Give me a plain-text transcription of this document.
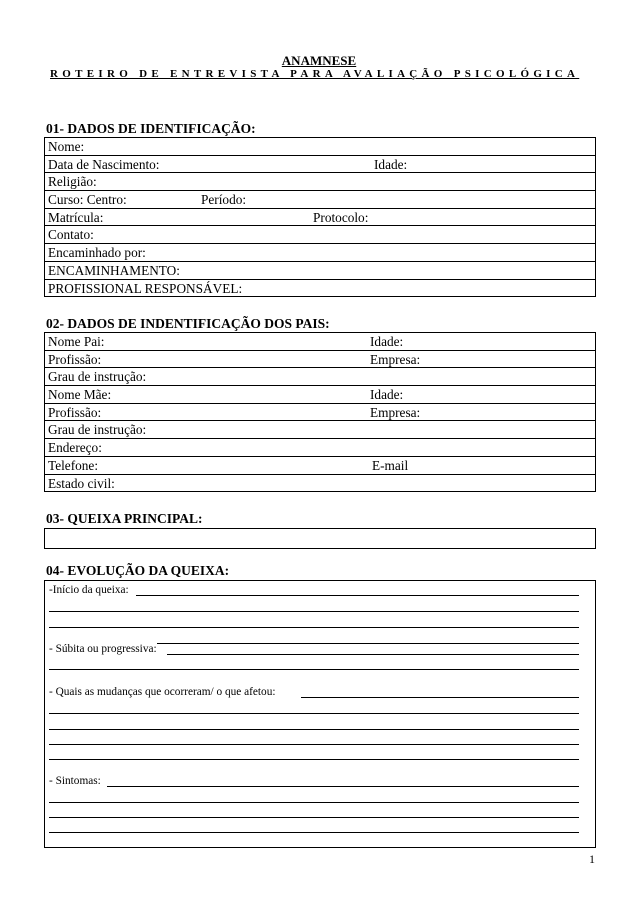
ANAMNESE
ROTEIRO DE ENTREVISTA PARA AVALIAÇÃO PSICOLÓGICA
01- DADOS DE IDENTIFICAÇÃO:
Nome:
Data de Nascimento:	Idade:
Religião:
Curso: Centro:	Período:
Matrícula:	Protocolo:
Contato:
Encaminhado por:
ENCAMINHAMENTO:
PROFISSIONAL RESPONSÁVEL:
02- DADOS DE INDENTIFICAÇÃO DOS PAIS:
Nome Pai:	Idade:
Profissão:	Empresa:
Grau de instrução:
Nome Mãe:	Idade:
Profissão:	Empresa:
Grau de instrução:
Endereço:
Telefone:	E-mail
Estado civil:
03- QUEIXA PRINCIPAL:
04- EVOLUÇÃO DA QUEIXA:
-Início da queixa:
- Súbita ou progressiva:
- Quais as mudanças que ocorreram/ o que afetou:
- Sintomas:
1
